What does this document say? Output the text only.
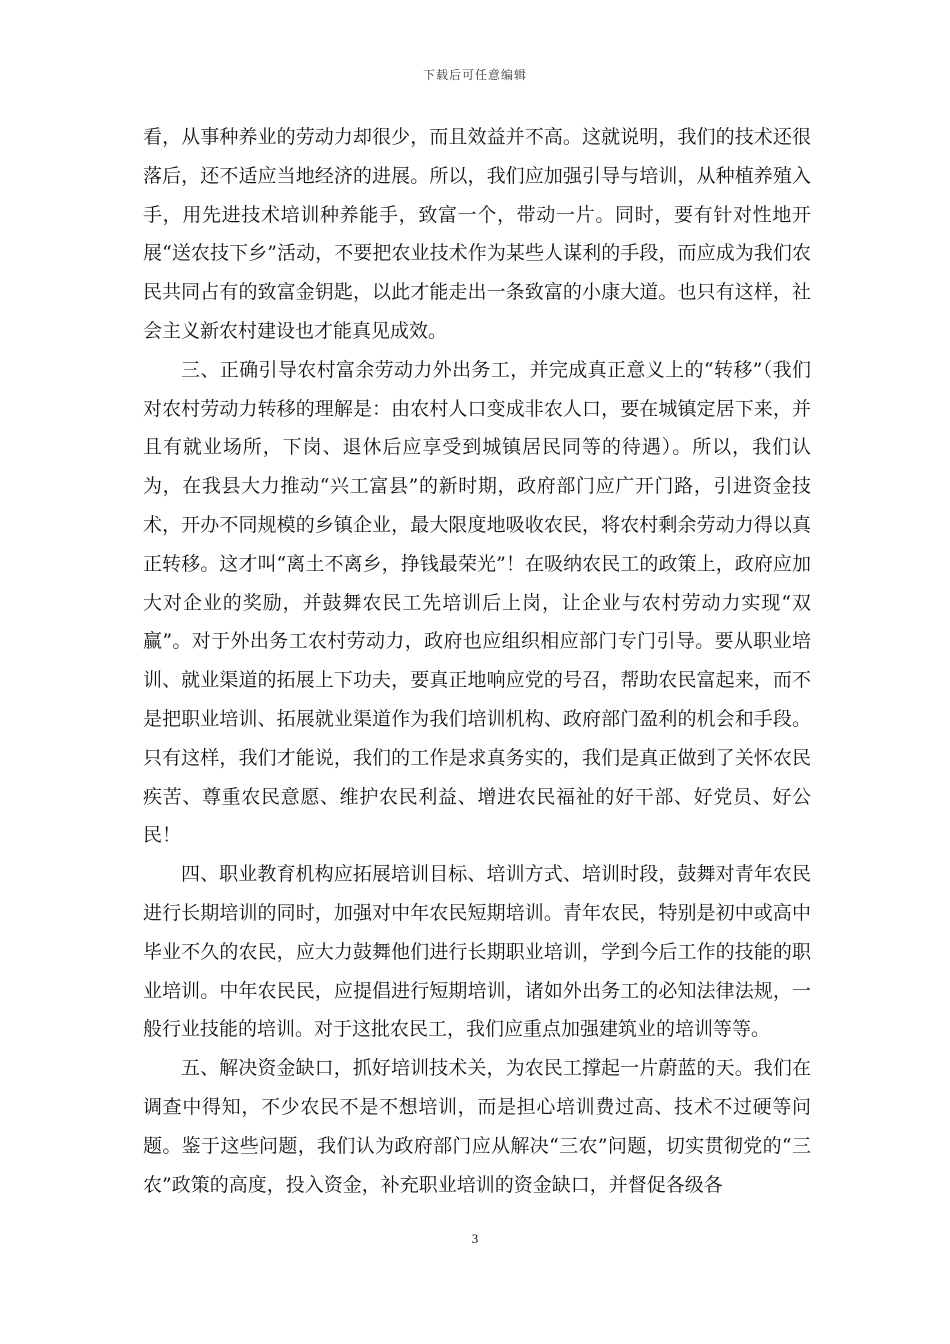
下载后可任意编辑

看，从事种养业的劳动力却很少，而且效益并不高。这就说明，我们的技术还很落后，还不适应当地经济的进展。所以，我们应加强引导与培训，从种植养殖入手，用先进技术培训种养能手，致富一个，带动一片。同时，要有针对性地开展“送农技下乡”活动，不要把农业技术作为某些人谋利的手段，而应成为我们农民共同占有的致富金钥匙，以此才能走出一条致富的小康大道。也只有这样，社会主义新农村建设也才能真见成效。

三、正确引导农村富余劳动力外出务工，并完成真正意义上的“转移”（我们对农村劳动力转移的理解是：由农村人口变成非农人口，要在城镇定居下来，并且有就业场所，下岗、退休后应享受到城镇居民同等的待遇）。所以，我们认为，在我县大力推动“兴工富县”的新时期，政府部门应广开门路，引进资金技术，开办不同规模的乡镇企业，最大限度地吸收农民，将农村剩余劳动力得以真正转移。这才叫“离土不离乡，挣钱最荣光”！在吸纳农民工的政策上，政府应加大对企业的奖励，并鼓舞农民工先培训后上岗，让企业与农村劳动力实现“双赢”。对于外出务工农村劳动力，政府也应组织相应部门专门引导。要从职业培训、就业渠道的拓展上下功夫，要真正地响应党的号召，帮助农民富起来，而不是把职业培训、拓展就业渠道作为我们培训机构、政府部门盈利的机会和手段。只有这样，我们才能说，我们的工作是求真务实的，我们是真正做到了关怀农民疾苦、尊重农民意愿、维护农民利益、增进农民福祉的好干部、好党员、好公民！

四、职业教育机构应拓展培训目标、培训方式、培训时段，鼓舞对青年农民进行长期培训的同时，加强对中年农民短期培训。青年农民，特别是初中或高中毕业不久的农民，应大力鼓舞他们进行长期职业培训，学到今后工作的技能的职业培训。中年农民民，应提倡进行短期培训，诸如外出务工的必知法律法规，一般行业技能的培训。对于这批农民工，我们应重点加强建筑业的培训等等。

五、解决资金缺口，抓好培训技术关，为农民工撑起一片蔚蓝的天。我们在调查中得知，不少农民不是不想培训，而是担心培训费过高、技术不过硬等问题。鉴于这些问题，我们认为政府部门应从解决“三农”问题，切实贯彻党的“三农”政策的高度，投入资金，补充职业培训的资金缺口，并督促各级各

3
